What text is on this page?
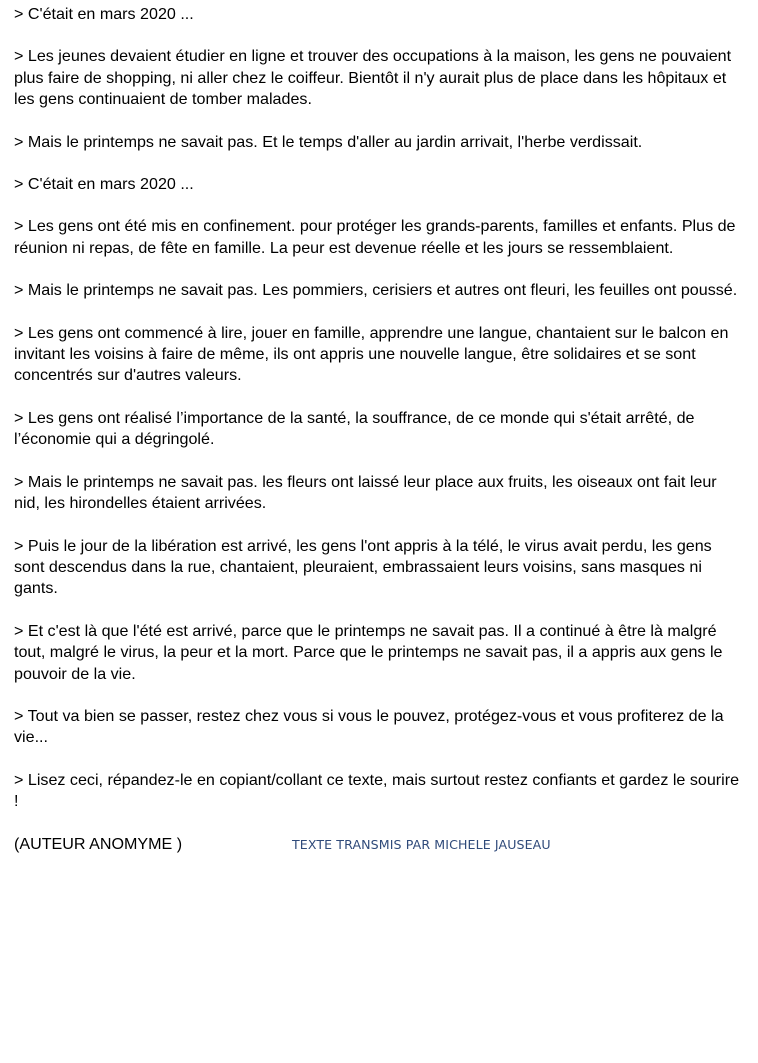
> C'était en mars 2020 ...

> Les jeunes devaient étudier en ligne et trouver des occupations à la maison, les gens ne pouvaient plus faire de shopping, ni aller chez le coiffeur. Bientôt il n'y aurait plus de place dans les hôpitaux et les gens continuaient de tomber malades.

> Mais le printemps ne savait pas. Et le temps d'aller au jardin arrivait, l'herbe verdissait.

> C'était en mars 2020 ...

> Les gens ont été mis en confinement. pour protéger les grands-parents, familles et enfants. Plus de réunion ni repas, de fête en famille. La peur est devenue réelle et les jours se ressemblaient.

> Mais le printemps ne savait pas. Les pommiers, cerisiers et autres ont fleuri, les feuilles ont poussé.

> Les gens ont commencé à lire, jouer en famille, apprendre une langue, chantaient sur le balcon en invitant les voisins à faire de même, ils ont appris une nouvelle langue, être solidaires et se sont concentrés sur d'autres valeurs.

> Les gens ont réalisé l’importance de la santé, la souffrance, de ce monde qui s'était arrêté, de l’économie qui a dégringolé.

> Mais le printemps ne savait pas. les fleurs ont laissé leur place aux fruits, les oiseaux ont fait leur nid, les hirondelles étaient arrivées.

> Puis le jour de la libération est arrivé, les gens l'ont appris à la télé, le virus avait perdu, les gens sont descendus dans la rue, chantaient, pleuraient, embrassaient leurs voisins, sans masques ni gants.

> Et c'est là que l'été est arrivé, parce que le printemps ne savait pas. Il a continué à être là malgré tout, malgré le virus, la peur et la mort. Parce que le printemps ne savait pas, il a appris aux gens le pouvoir de la vie.

> Tout va bien se passer, restez chez vous si vous le pouvez, protégez-vous et vous profiterez de la vie...

> Lisez ceci, répandez-le en copiant/collant ce texte, mais surtout restez confiants et gardez le sourire !

(AUTEUR ANOMYME )	TEXTE TRANSMIS PAR MICHELE JAUSEAU
